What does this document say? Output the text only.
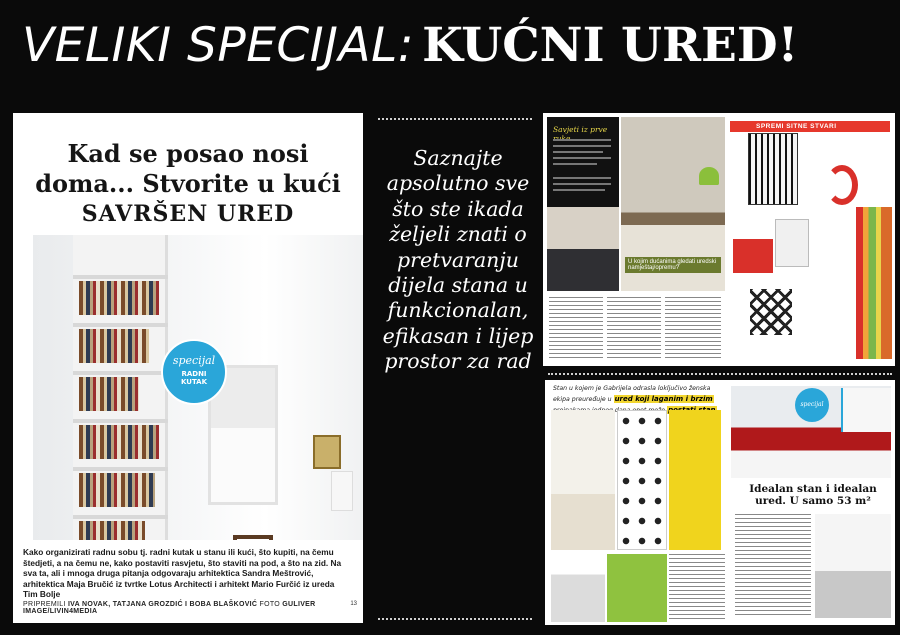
VELIKI SPECIJAL: KUĆNI URED!
Kad se posao nosi
doma... Stvorite u kući
SAVRŠEN URED
specijal
RADNI KUTAK
Kako organizirati radnu sobu tj. radni kutak u stanu ili kući, što kupiti, na čemu štedjeti, a na čemu ne, kako postaviti rasvjetu, što staviti na pod, a što na zid. Na sva ta, ali i mnoga druga pitanja odgovaraju arhitektica Sandra Meštrović, arhitektica Maja Bručić iz tvrtke Lotus Architecti i arhitekt Mario Furčić iz ureda Tim Bolje
PRIPREMILI IVA NOVAK, TATJANA GROZDIĆ I BOBA BLAŠKOVIĆ FOTO GULIVER IMAGE/LIVIN4MEDIA
13
Saznajte apsolutno sve što ste ikada željeli znati o pretvaranju dijela stana u funkcionalan, efikasan i lijep prostor za rad
Savjeti iz prve
U kojim dućanima gledati uredski namještaj/opremu?
SPREMI SITNE STVARI
Stan u kojem je Gabrijela odrasla loključivo ženska ekipa preuređuje u ured koji laganim i brzim
specijal
Idealan stan i idealan
ured. U samo 53 m²
